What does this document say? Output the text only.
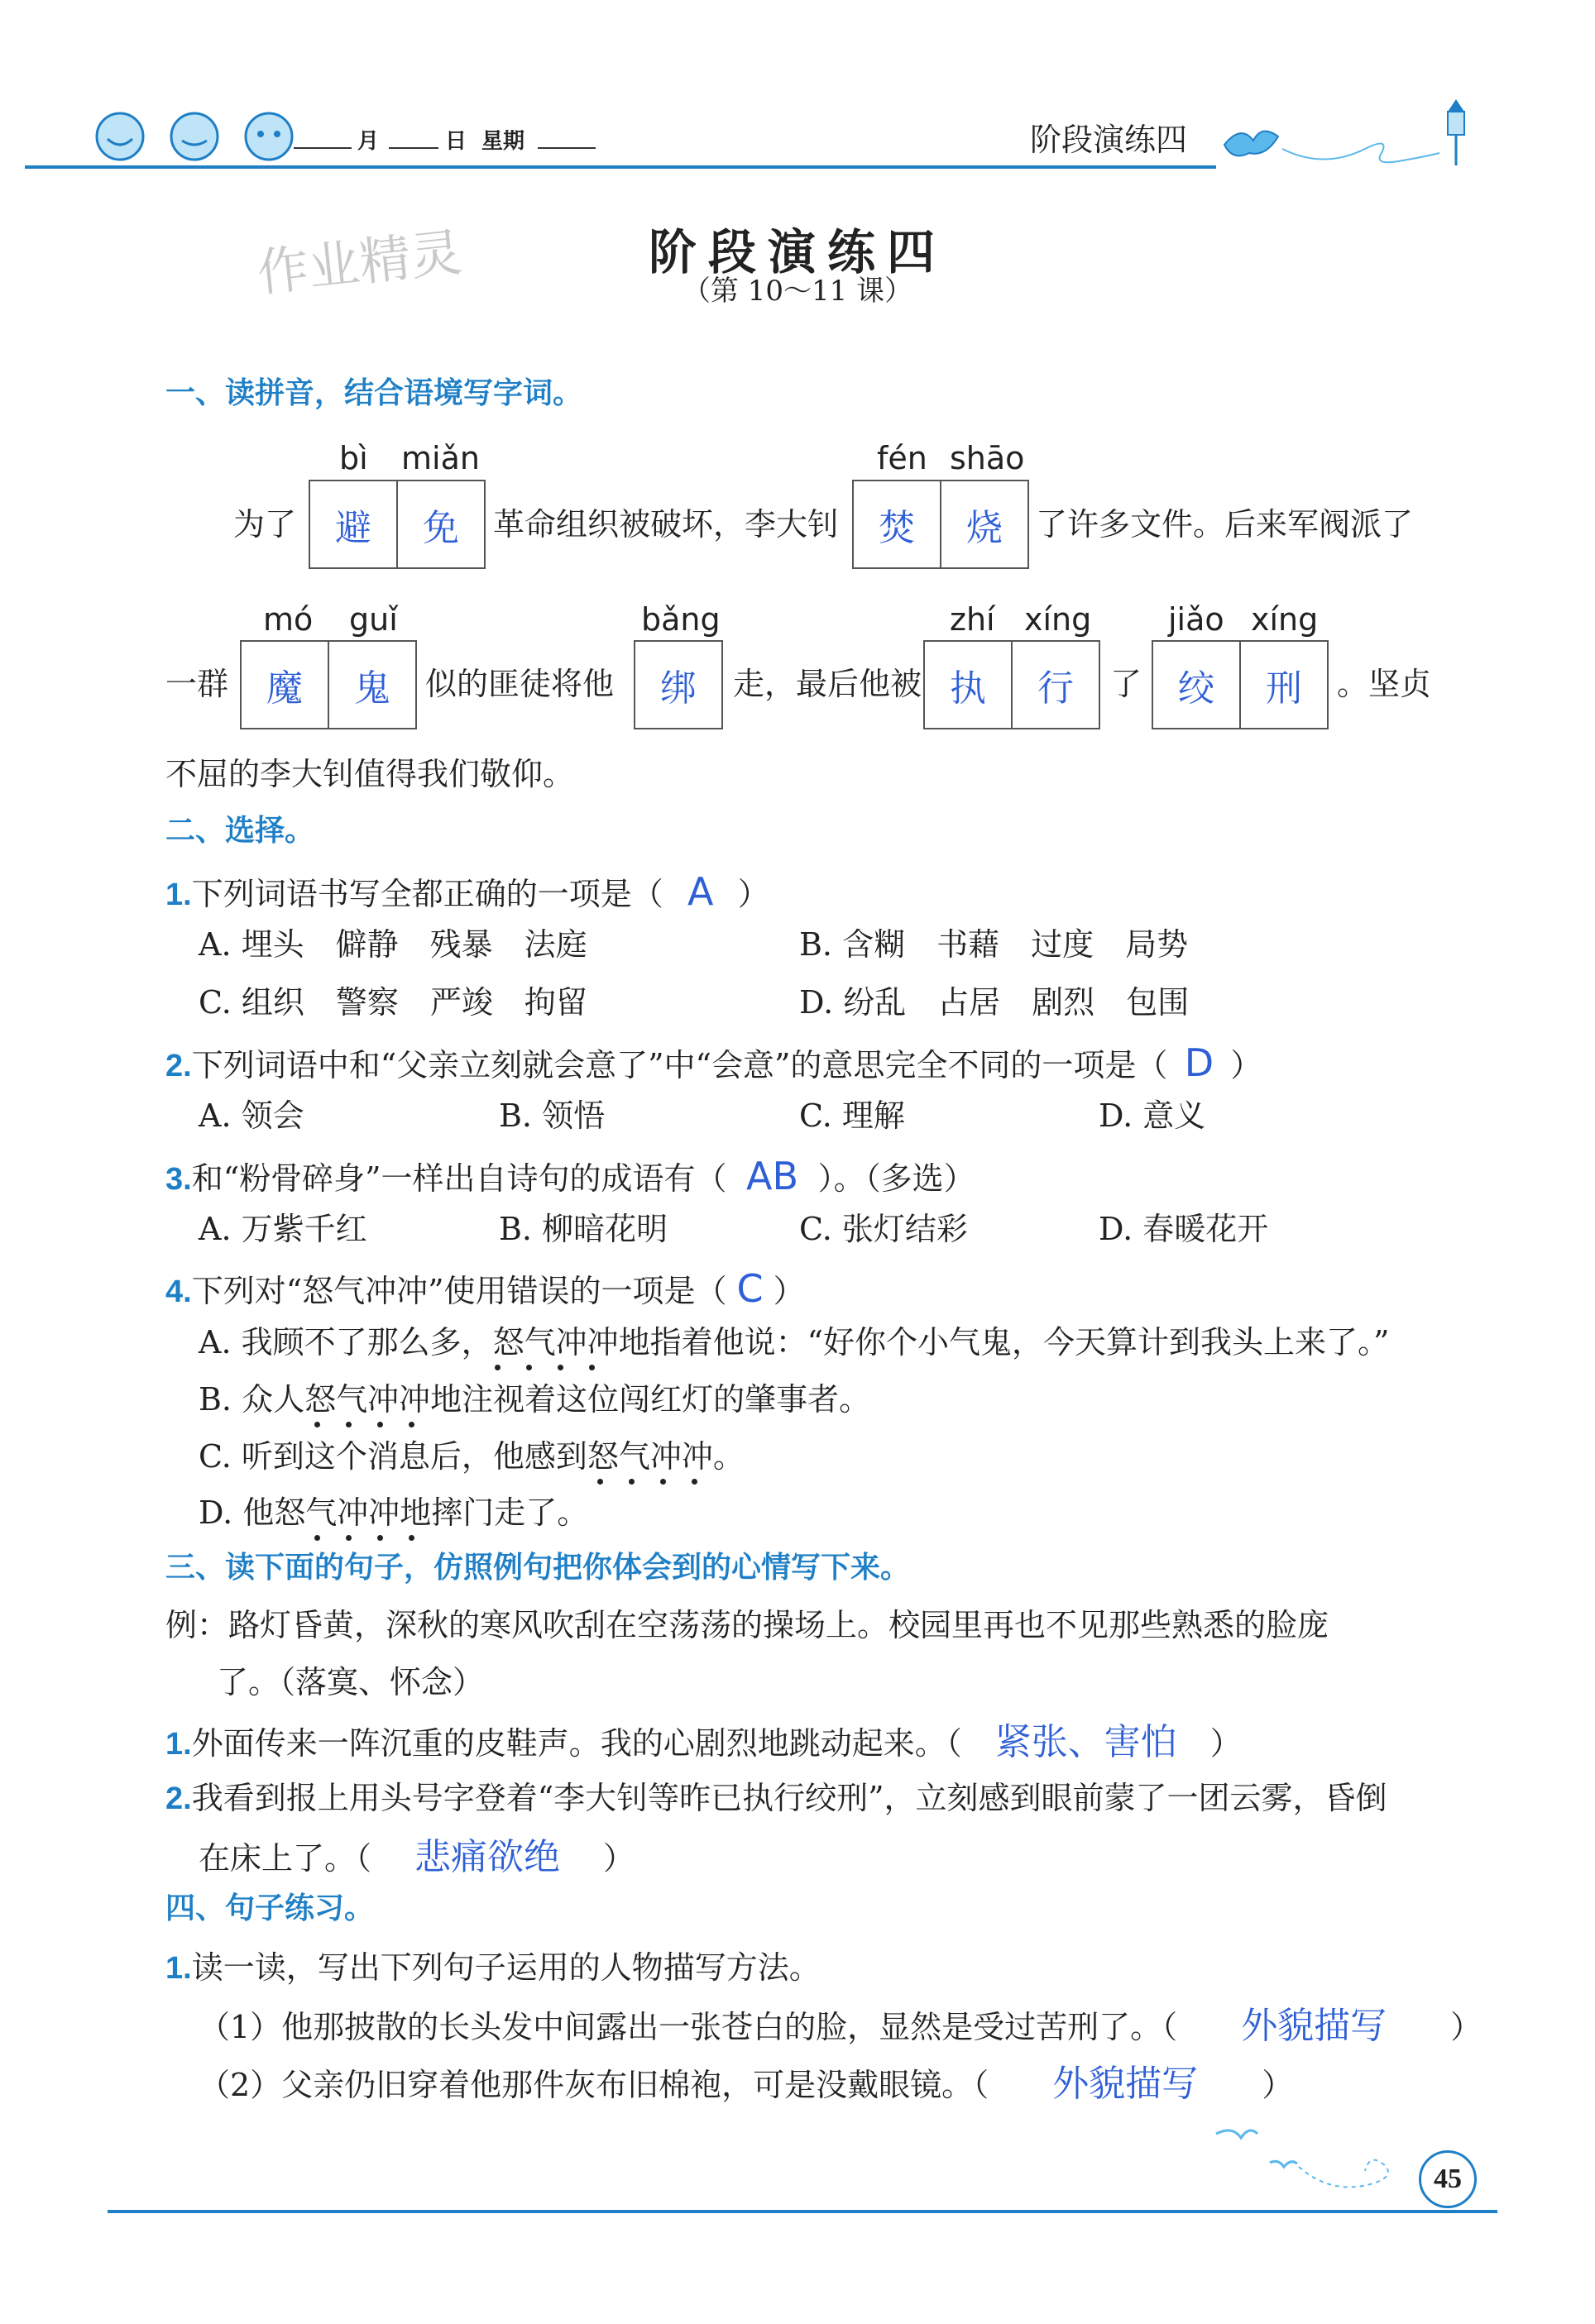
月	日 星期	阶段演练四
作业精灵	阶段演练四
（第 10～11 课）
一、读拼音，结合语境写字词。
bì miǎn	fén shāo
为了	避	免	革命组织被破坏，李大钊	焚	烧	了许多文件。后来军阀派了
mó guǐ	bǎng	zhí xíng jiǎo xíng
一群	魔	鬼	似的匪徒将他	绑	走，最后他被 执	行	了 绞	刑	。坚贞
不屈的李大钊值得我们敬仰。
二、选择。
1.下列词语书写全都正确的一项是（ A ）
A. 埋头　僻静　残暴　法庭	B. 含糊　书藉　过度　局势
C. 组织　警察　严竣　拘留	D. 纷乱　占居　剧烈　包围
2.下列词语中和“父亲立刻就会意了”中“会意”的意思完全不同的一项是（ D ）
A. 领会	B. 领悟	C. 理解	D. 意义
3.和“粉骨碎身”一样出自诗句的成语有（ AB ）。（多选）
A. 万紫千红	B. 柳暗花明	C. 张灯结彩	D. 春暖花开
4.下列对“怒气冲冲”使用错误的一项是（ C ）
A. 我顾不了那么多，怒气冲冲地指着他说：“好你个小气鬼，今天算计到我头上来了。”
B. 众人怒气冲冲地注视着这位闯红灯的肇事者。
C. 听到这个消息后，他感到怒气冲冲。
D. 他怒气冲冲地摔门走了。
三、读下面的句子，仿照例句把你体会到的心情写下来。
例：路灯昏黄，深秋的寒风吹刮在空荡荡的操场上。校园里再也不见那些熟悉的脸庞
了。（落寞、怀念）
1.外面传来一阵沉重的皮鞋声。我的心剧烈地跳动起来。（ 紧张、害怕 ）
2.我看到报上用头号字登着“李大钊等昨已执行绞刑”，立刻感到眼前蒙了一团云雾，昏倒
在床上了。（ 悲痛欲绝 ）
四、句子练习。
1.读一读，写出下列句子运用的人物描写方法。
（1）他那披散的长头发中间露出一张苍白的脸，显然是受过苦刑了。（ 外貌描写 ）
（2）父亲仍旧穿着他那件灰布旧棉袍，可是没戴眼镜。（ 外貌描写 ）
45
